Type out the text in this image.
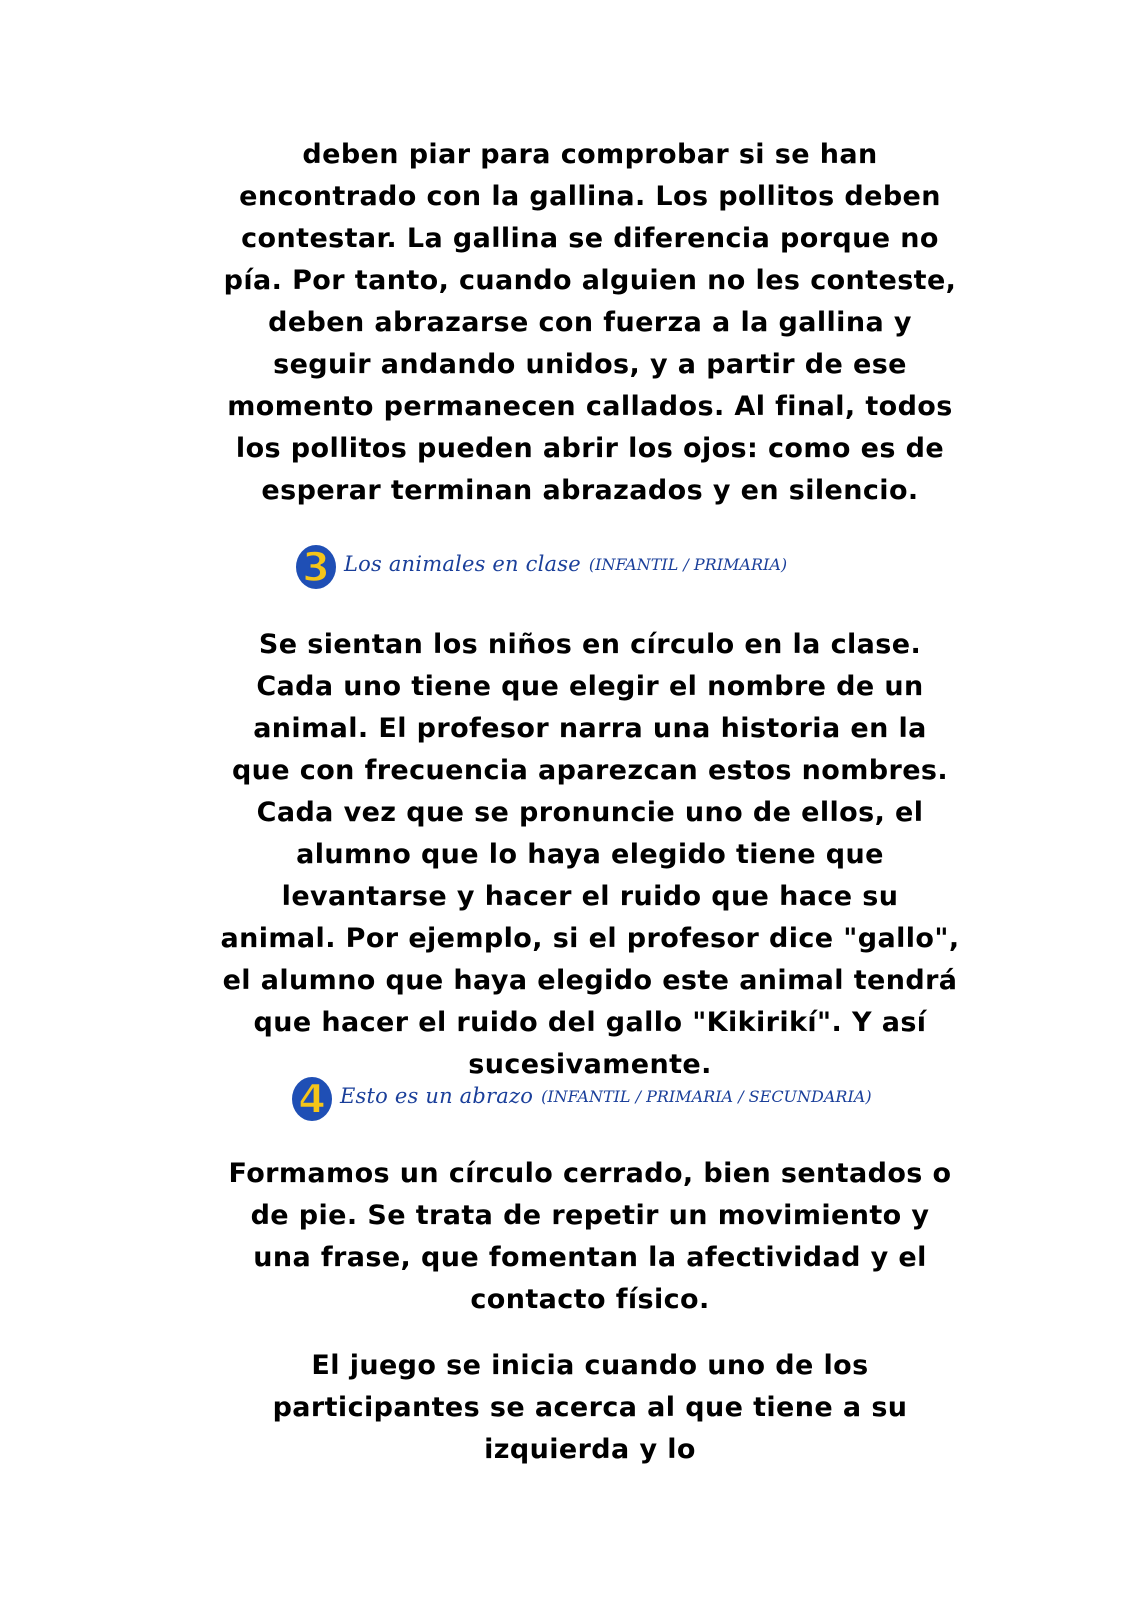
deben piar para comprobar si se han encontrado con la gallina. Los pollitos deben contestar. La gallina se diferencia porque no pía. Por tanto, cuando alguien no les conteste, deben abrazarse con fuerza a la gallina y seguir andando unidos, y a partir de ese momento permanecen callados. Al final, todos los pollitos pueden abrir los ojos: como es de esperar terminan abrazados y en silencio.

3 Los animales en clase (INFANTIL / PRIMARIA)

Se sientan los niños en círculo en la clase. Cada uno tiene que elegir el nombre de un animal. El profesor narra una historia en la que con frecuencia aparezcan estos nombres. Cada vez que se pronuncie uno de ellos, el alumno que lo haya elegido tiene que levantarse y hacer el ruido que hace su animal. Por ejemplo, si el profesor dice "gallo", el alumno que haya elegido este animal tendrá que hacer el ruido del gallo "Kikirikí". Y así sucesivamente.

4 Esto es un abrazo (INFANTIL / PRIMARIA / SECUNDARIA)

Formamos un círculo cerrado, bien sentados o de pie. Se trata de repetir un movimiento y una frase, que fomentan la afectividad y el contacto físico.

El juego se inicia cuando uno de los participantes se acerca al que tiene a su izquierda y lo
